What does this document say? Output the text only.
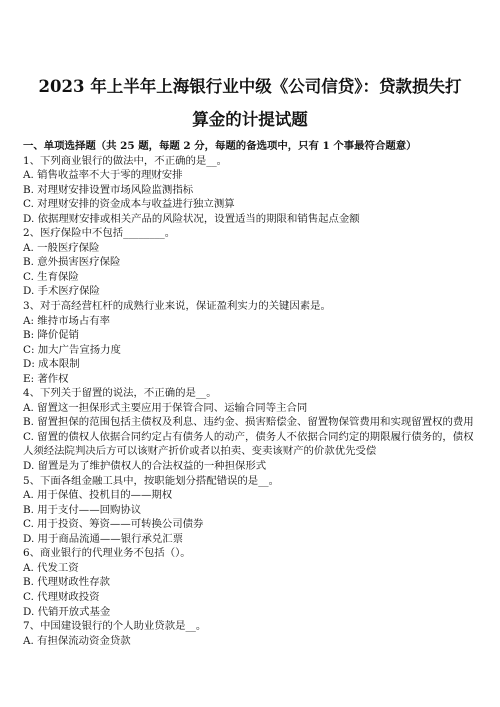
2023 年上半年上海银行业中级《公司信贷》：贷款损失打
算金的计提试题
一、单项选择题（共 25 题，每题 2 分，每题的备选项中，只有 1 个事最符合题意）
1、下列商业银行的做法中，不正确的是__。
A. 销售收益率不大于零的理财安排
B. 对理财安排设置市场风险监测指标
C. 对理财安排的资金成本与收益进行独立测算
D. 依据理财安排或相关产品的风险状况，设置适当的期限和销售起点金额
2、医疗保险中不包括________。
A. 一般医疗保险
B. 意外损害医疗保险
C. 生育保险
D. 手术医疗保险
3、对于高经营杠杆的成熟行业来说，保证盈利实力的关键因素是。
A: 维持市场占有率
B: 降价促销
C: 加大广告宣扬力度
D: 成本限制
E: 著作权
4、下列关于留置的说法，不正确的是__。
A. 留置这一担保形式主要应用于保管合同、运输合同等主合同
B. 留置担保的范围包括主债权及利息、违约金、损害赔偿金、留置物保管费用和实现留置权的费用
C. 留置的债权人依据合同约定占有债务人的动产，债务人不依据合同约定的期限履行债务的，债权人须经法院判决后方可以该财产折价或者以拍卖、变卖该财产的价款优先受偿
D. 留置是为了维护债权人的合法权益的一种担保形式
5、下面各组金融工具中，按职能划分搭配错误的是__。
A. 用于保值、投机目的——期权
B. 用于支付——回购协议
C. 用于投资、筹资——可转换公司债券
D. 用于商品流通——银行承兑汇票
6、商业银行的代理业务不包括（）。
A. 代发工资
B. 代理财政性存款
C. 代理财政投资
D. 代销开放式基金
7、中国建设银行的个人助业贷款是__。
A. 有担保流动资金贷款
